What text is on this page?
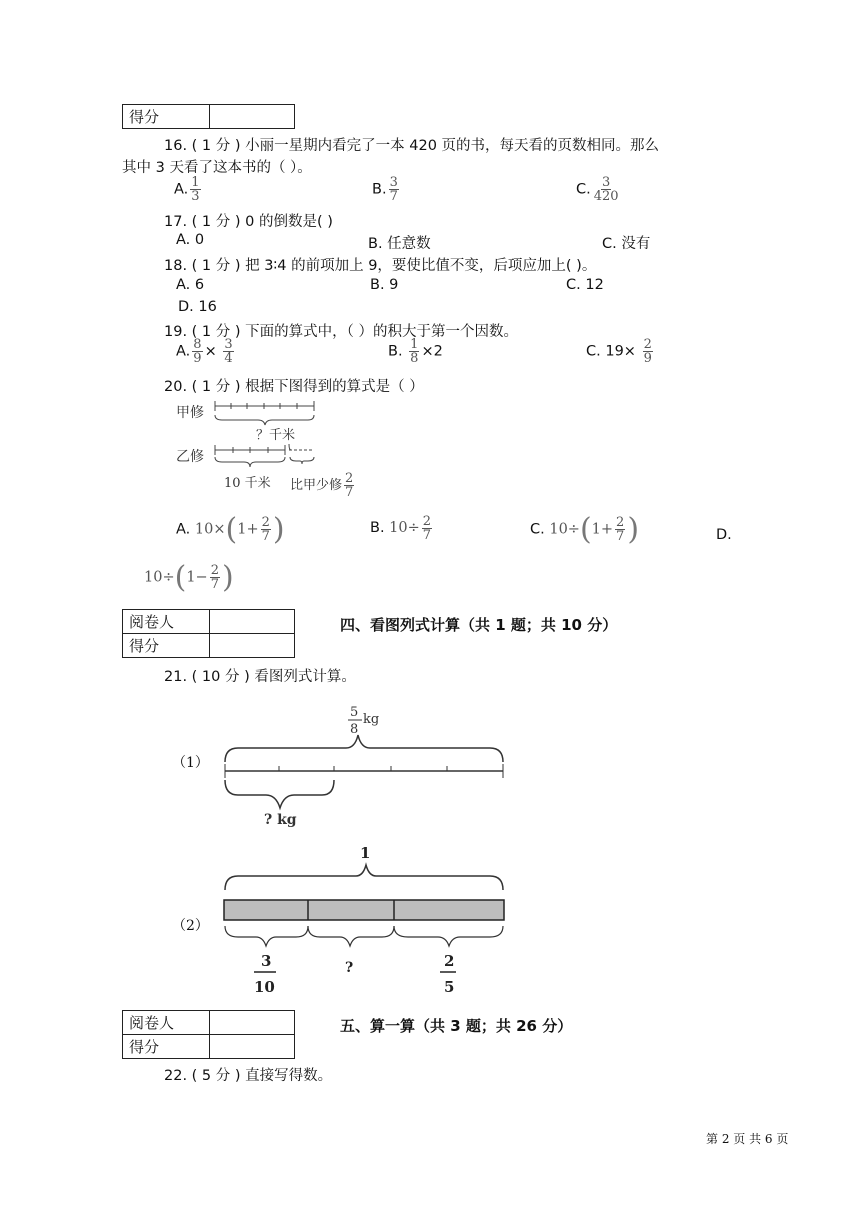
得分	
16. ( 1 分 ) 小丽一星期内看完了一本 420 页的书，每天看的页数相同。那么
其中 3 天看了这本书的（ ）。
A. $\frac{1}{3}$	B. $\frac{3}{7}$	C. $\frac{3}{420}$
17. ( 1 分 ) 0 的倒数是( )
A. 0	B. 任意数	C. 没有
18. ( 1 分 ) 把 3∶4 的前项加上 9，要使比值不变，后项应加上( )。
A. 6	B. 9	C. 12
D. 16
19. ( 1 分 ) 下面的算式中，（ ）的积大于第一个因数。
A. $\frac{8}{9} \times \frac{3}{4}$	B. $\frac{1}{8} \times 2$	C. $19\times \frac{2}{9}$
20. ( 1 分 ) 根据下图得到的算式是（ ）
甲修
？千米
乙修
10 千米 比甲少修 $\frac{2}{7}$
A. $10\times(1+ \frac{2}{7}$ )	B. $10\div \frac{2}{7}$	C. $10\div(1+ \frac{2}{7}$ )	D.
$10\div(1- \frac{2}{7}$ )
阅卷人	
得分	
四、看图列式计算（共 1 题；共 10 分）
21. ( 10 分 ) 看图列式计算。
（1）
5
8
kg
? kg
（2）
1
3
10
?	2
5
阅卷人	
得分	
五、算一算（共 3 题；共 26 分）
22. ( 5 分 ) 直接写得数。
第 2 页 共 6 页
